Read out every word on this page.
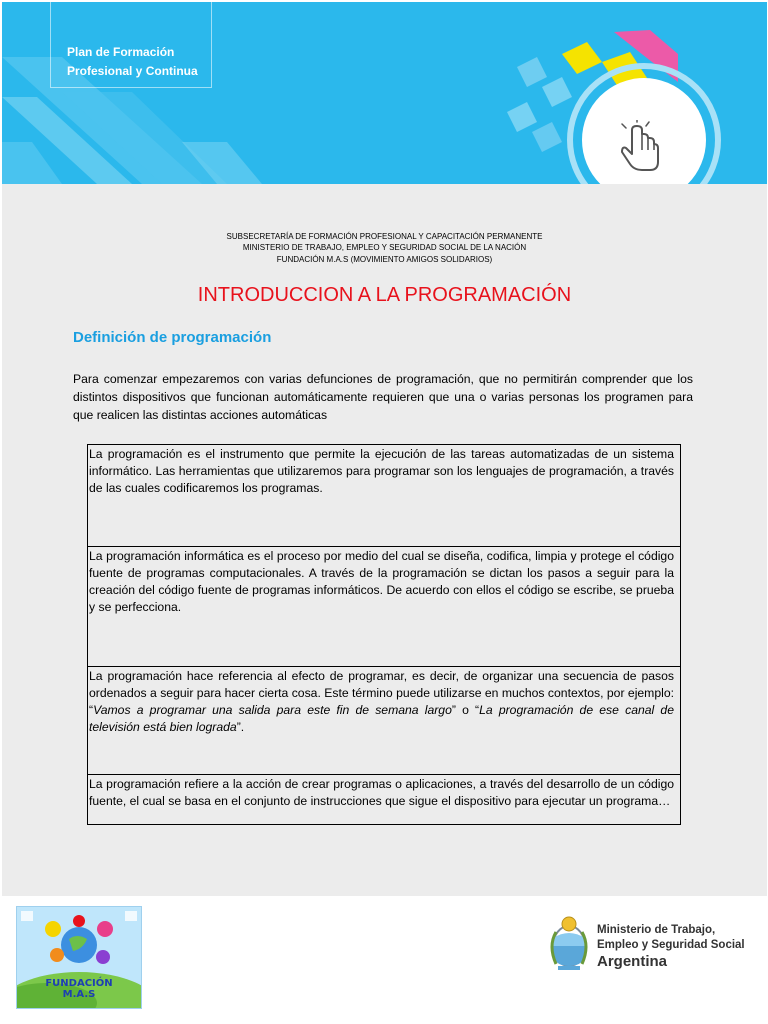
Plan de Formación
Profesional y Continua
SUBSECRETARÍA DE FORMACIÓN PROFESIONAL Y CAPACITACIÓN PERMANENTE
MINISTERIO DE TRABAJO, EMPLEO Y SEGURIDAD SOCIAL DE LA NACIÓN
FUNDACIÓN M.A.S (MOVIMIENTO AMIGOS SOLIDARIOS)
INTRODUCCION A LA PROGRAMACIÓN
Definición de programación
Para comenzar empezaremos con varias defunciones de programación, que no permitirán comprender que los distintos dispositivos que funcionan automáticamente requieren que una o varias personas los programen para que realicen las distintas acciones automáticas
La programación es el instrumento que permite la ejecución de las tareas automatizadas de un sistema informático. Las herramientas que utilizaremos para programar son los lenguajes de programación, a través de las cuales codificaremos los programas.
La programación informática es el proceso por medio del cual se diseña, codifica, limpia y protege el código fuente de programas computacionales. A través de la programación se dictan los pasos a seguir para la creación del código fuente de programas informáticos. De acuerdo con ellos el código se escribe, se prueba y se perfecciona.
La programación hace referencia al efecto de programar, es decir, de organizar una secuencia de pasos ordenados a seguir para hacer cierta cosa. Este término puede utilizarse en muchos contextos, por ejemplo: “Vamos a programar una salida para este fin de semana largo” o “La programación de ese canal de televisión está bien lograda”.
La programación refiere a la acción de crear programas o aplicaciones, a través del desarrollo de un código fuente, el cual se basa en el conjunto de instrucciones que sigue el dispositivo para ejecutar un programa…
FUNDACIÓN
M.A.S
Ministerio de Trabajo,
Empleo y Seguridad Social
Argentina
